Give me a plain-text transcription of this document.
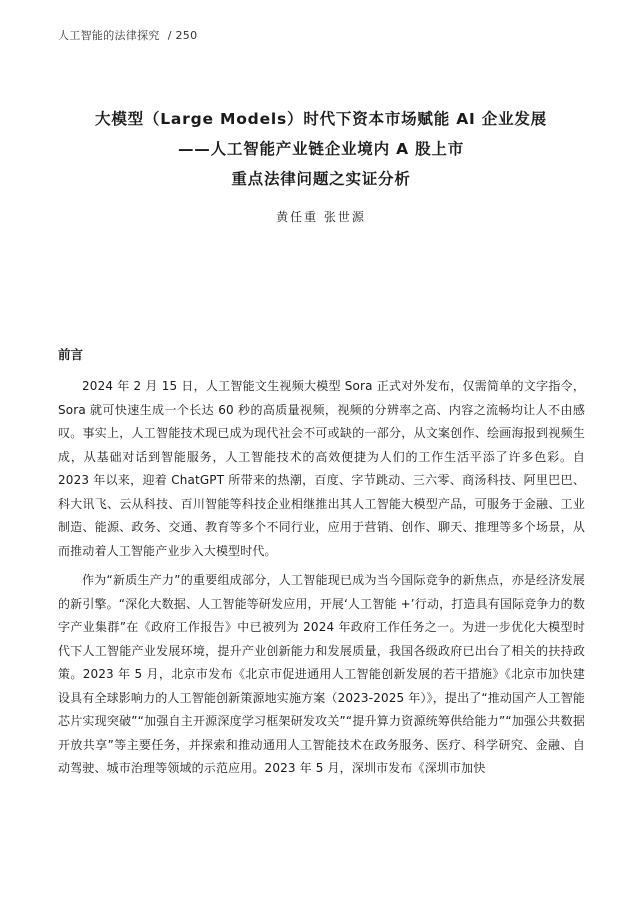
人工智能的法律探究 / 250
大模型（Large Models）时代下资本市场赋能 AI 企业发展
——人工智能产业链企业境内 A 股上市
重点法律问题之实证分析
黄任重 张世源
前言

2024 年 2 月 15 日，人工智能文生视频大模型 Sora 正式对外发布，仅需简单的文字指令，Sora 就可快速生成一个长达 60 秒的高质量视频，视频的分辨率之高、内容之流畅均让人不由感叹。事实上，人工智能技术现已成为现代社会不可或缺的一部分，从文案创作、绘画海报到视频生成，从基础对话到智能服务，人工智能技术的高效便捷为人们的工作生活平添了许多色彩。自 2023 年以来，迎着 ChatGPT 所带来的热潮，百度、字节跳动、三六零、商汤科技、阿里巴巴、科大讯飞、云从科技、百川智能等科技企业相继推出其人工智能大模型产品，可服务于金融、工业制造、能源、政务、交通、教育等多个不同行业，应用于营销、创作、聊天、推理等多个场景，从而推动着人工智能产业步入大模型时代。

作为“新质生产力”的重要组成部分，人工智能现已成为当今国际竞争的新焦点，亦是经济发展的新引擎。“深化大数据、人工智能等研发应用，开展‘人工智能 +’行动，打造具有国际竞争力的数字产业集群”在《政府工作报告》中已被列为 2024 年政府工作任务之一。为进一步优化大模型时代下人工智能产业发展环境，提升产业创新能力和发展质量，我国各级政府已出台了相关的扶持政策。2023 年 5 月，北京市发布《北京市促进通用人工智能创新发展的若干措施》《北京市加快建设具有全球影响力的人工智能创新策源地实施方案（2023-2025 年）》，提出了“推动国产人工智能芯片实现突破”“加强自主开源深度学习框架研发攻关”“提升算力资源统筹供给能力”“加强公共数据开放共享”等主要任务，并探索和推动通用人工智能技术在政务服务、医疗、科学研究、金融、自动驾驶、城市治理等领域的示范应用。2023 年 5 月，深圳市发布《深圳市加快
